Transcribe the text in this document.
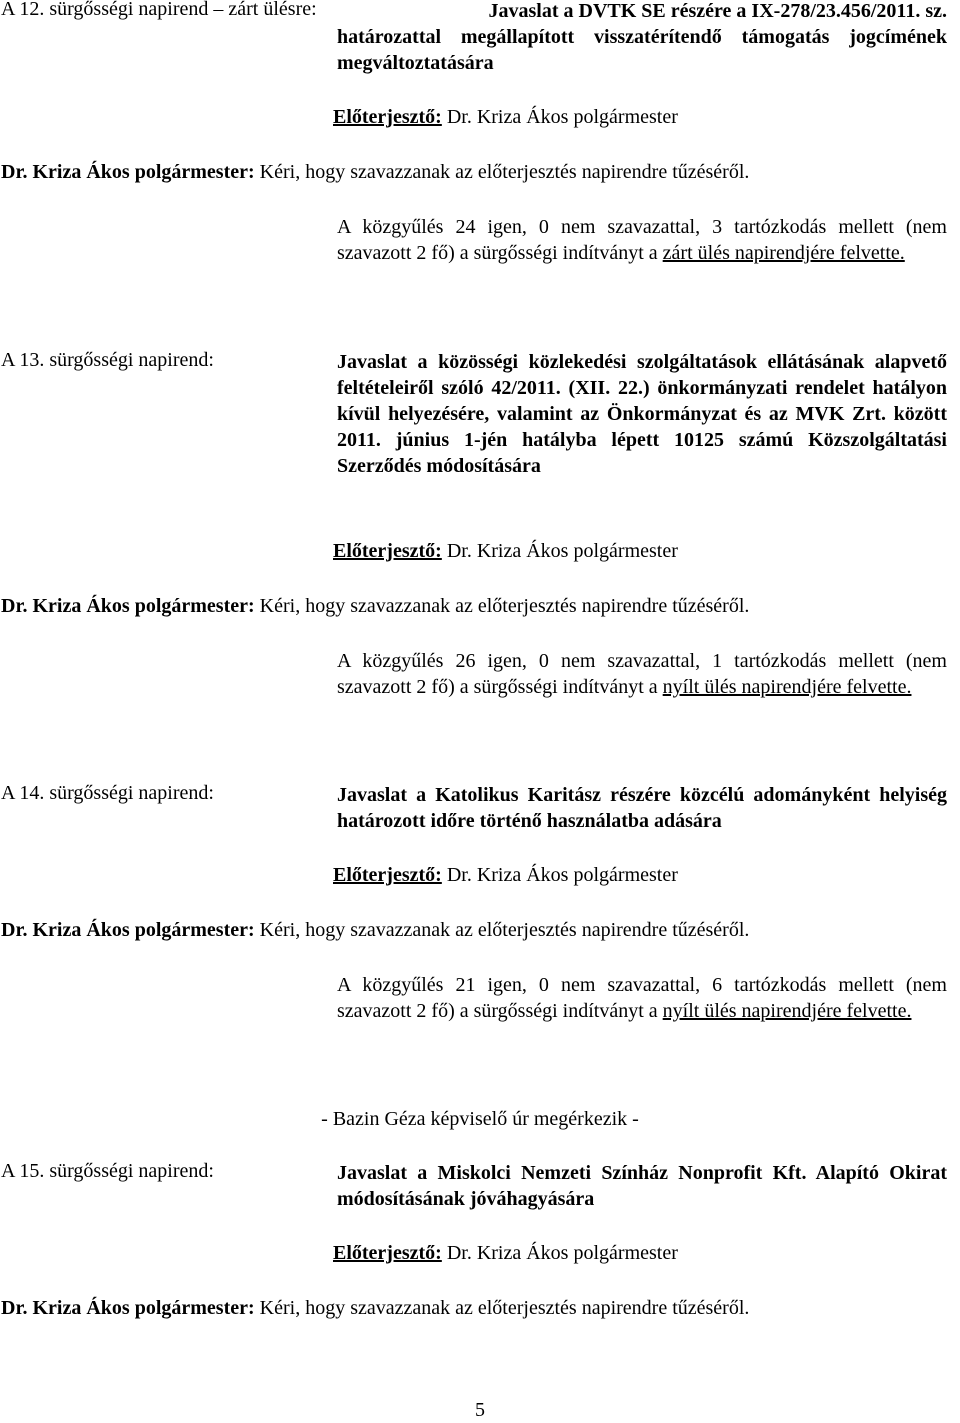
A 12. sürgősségi napirend – zárt ülésre:	Javaslat a DVTK SE részére a IX-278/23.456/2011. sz.
határozattal megállapított visszatérítendő támogatás jogcímének megváltoztatására
Előterjesztő: Dr. Kriza Ákos polgármester
Dr. Kriza Ákos polgármester: Kéri, hogy szavazzanak az előterjesztés napirendre tűzéséről.
A közgyűlés 24 igen, 0 nem szavazattal, 3 tartózkodás mellett (nem szavazott 2 fő) a sürgősségi indítványt a zárt ülés napirendjére felvette.
A 13. sürgősségi napirend:	Javaslat a közösségi közlekedési szolgáltatások ellátásának alapvető feltételeiről szóló 42/2011. (XII. 22.) önkormányzati rendelet hatályon kívül helyezésére, valamint az Önkormányzat és az MVK Zrt. között 2011. június 1-jén hatályba lépett 10125 számú Közszolgáltatási Szerződés módosítására
Előterjesztő: Dr. Kriza Ákos polgármester
Dr. Kriza Ákos polgármester: Kéri, hogy szavazzanak az előterjesztés napirendre tűzéséről.
A közgyűlés 26 igen, 0 nem szavazattal, 1 tartózkodás mellett (nem szavazott 2 fő) a sürgősségi indítványt a nyílt ülés napirendjére felvette.
A 14. sürgősségi napirend:	Javaslat a Katolikus Karitász részére közcélú adományként helyiség határozott időre történő használatba adására
Előterjesztő: Dr. Kriza Ákos polgármester
Dr. Kriza Ákos polgármester: Kéri, hogy szavazzanak az előterjesztés napirendre tűzéséről.
A közgyűlés 21 igen, 0 nem szavazattal, 6 tartózkodás mellett (nem szavazott 2 fő) a sürgősségi indítványt a nyílt ülés napirendjére felvette.
- Bazin Géza képviselő úr megérkezik -
A 15. sürgősségi napirend:	Javaslat a Miskolci Nemzeti Színház Nonprofit Kft. Alapító Okirat módosításának jóváhagyására
Előterjesztő: Dr. Kriza Ákos polgármester
Dr. Kriza Ákos polgármester: Kéri, hogy szavazzanak az előterjesztés napirendre tűzéséről.
5
